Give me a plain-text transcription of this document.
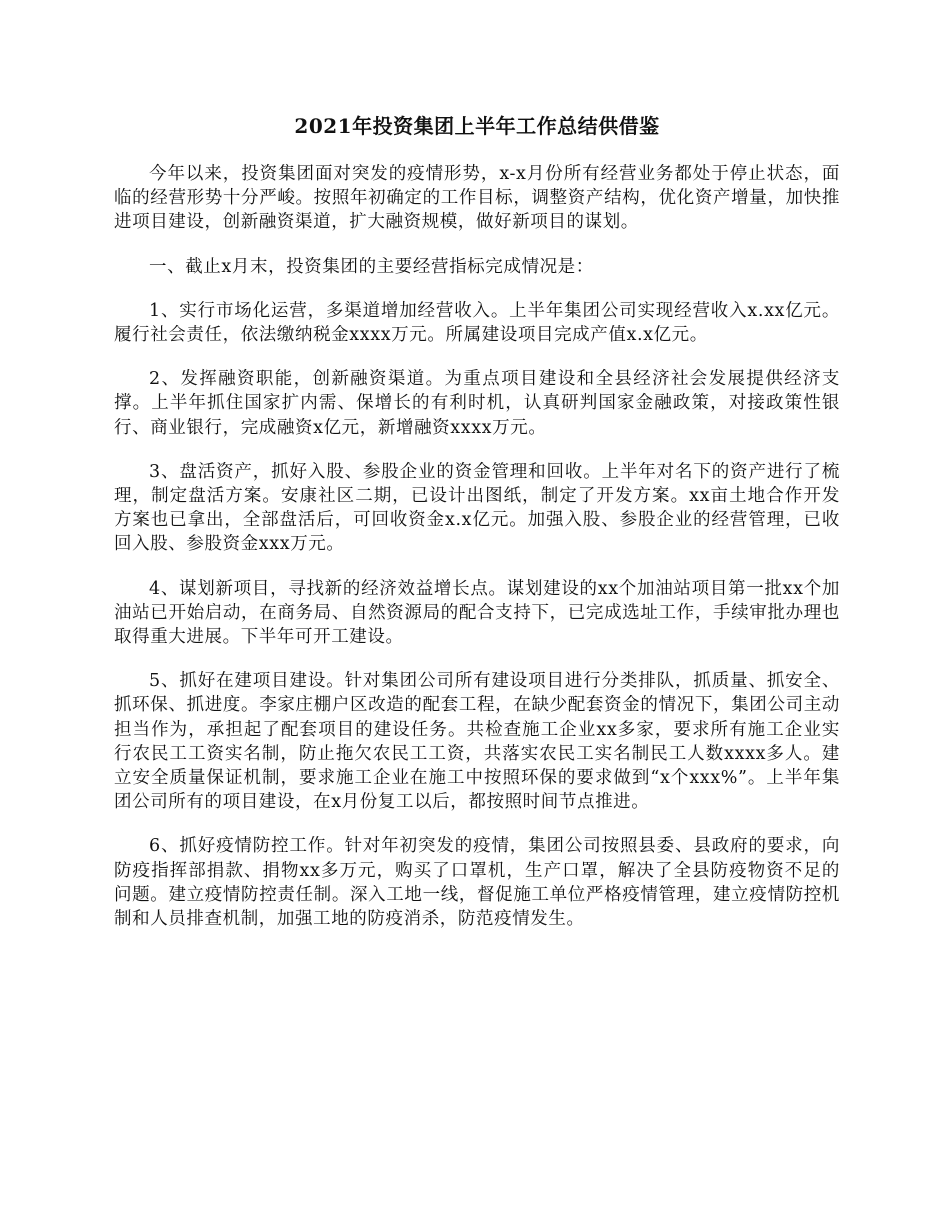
2021年投资集团上半年工作总结供借鉴

今年以来，投资集团面对突发的疫情形势，x-x月份所有经营业务都处于停止状态，面临的经营形势十分严峻。按照年初确定的工作目标，调整资产结构，优化资产增量，加快推进项目建设，创新融资渠道，扩大融资规模，做好新项目的谋划。

一、截止x月末，投资集团的主要经营指标完成情况是：

1、实行市场化运营，多渠道增加经营收入。上半年集团公司实现经营收入x.xx亿元。履行社会责任，依法缴纳税金xxxx万元。所属建设项目完成产值x.x亿元。

2、发挥融资职能，创新融资渠道。为重点项目建设和全县经济社会发展提供经济支撑。上半年抓住国家扩内需、保增长的有利时机，认真研判国家金融政策，对接政策性银行、商业银行，完成融资x亿元，新增融资xxxx万元。

3、盘活资产，抓好入股、参股企业的资金管理和回收。上半年对名下的资产进行了梳理，制定盘活方案。安康社区二期，已设计出图纸，制定了开发方案。xx亩土地合作开发方案也已拿出，全部盘活后，可回收资金x.x亿元。加强入股、参股企业的经营管理，已收回入股、参股资金xxx万元。

4、谋划新项目，寻找新的经济效益增长点。谋划建设的xx个加油站项目第一批xx个加油站已开始启动，在商务局、自然资源局的配合支持下，已完成选址工作，手续审批办理也取得重大进展。下半年可开工建设。

5、抓好在建项目建设。针对集团公司所有建设项目进行分类排队，抓质量、抓安全、抓环保、抓进度。李家庄棚户区改造的配套工程，在缺少配套资金的情况下，集团公司主动担当作为，承担起了配套项目的建设任务。共检查施工企业xx多家，要求所有施工企业实行农民工工资实名制，防止拖欠农民工工资，共落实农民工实名制民工人数xxxx多人。建立安全质量保证机制，要求施工企业在施工中按照环保的要求做到“x个xxx%”。上半年集团公司所有的项目建设，在x月份复工以后，都按照时间节点推进。

6、抓好疫情防控工作。针对年初突发的疫情，集团公司按照县委、县政府的要求，向防疫指挥部捐款、捐物xx多万元，购买了口罩机，生产口罩，解决了全县防疫物资不足的问题。建立疫情防控责任制。深入工地一线，督促施工单位严格疫情管理，建立疫情防控机制和人员排查机制，加强工地的防疫消杀，防范疫情发生。
